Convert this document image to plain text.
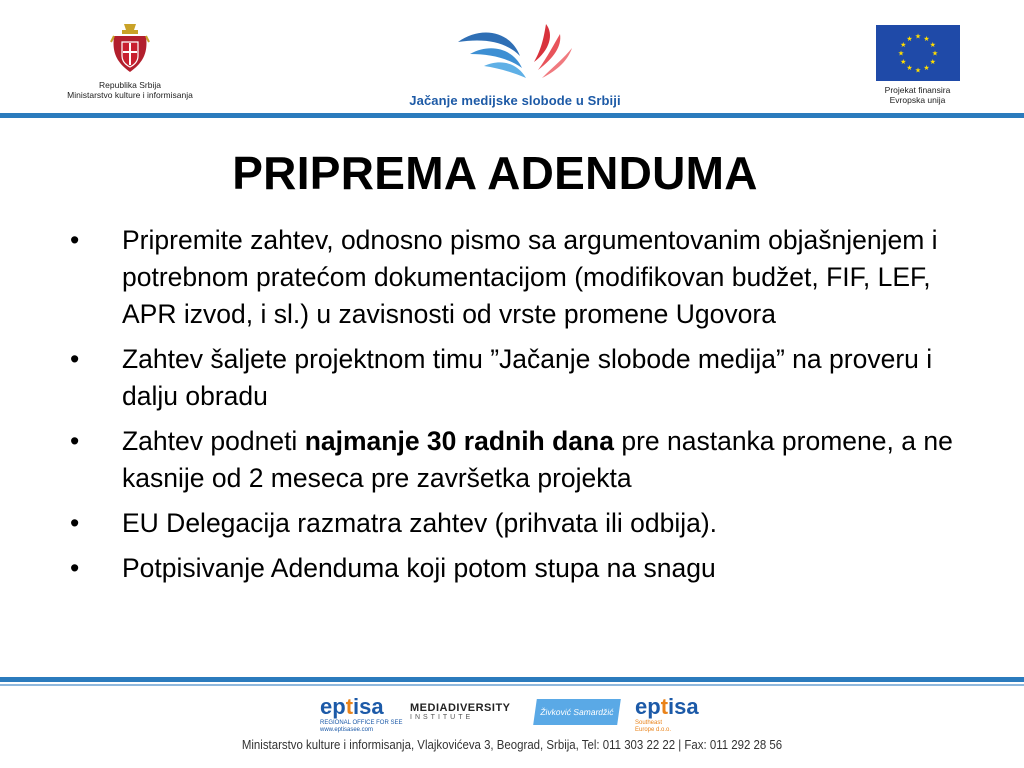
Republika Srbija
Ministarstvo kulture i informisanja	Jačanje medijske slobode u Srbiji
★ ★
★
★
★
★
★
★
★
★
★
★
Projekat finansira
Evropska unija
PRIPREMA ADENDUMA
•	Pripremite zahtev, odnosno pismo sa argumentovanim objašnjenjem i potrebnom pratećom dokumentacijom (modifikovan budžet, FIF, LEF, APR izvod, i sl.) u zavisnosti od vrste promene Ugovora
•	Zahtev šaljete projektnom timu ”Jačanje slobode medija” na proveru i dalju obradu
•	Zahtev podneti najmanje 30 radnih dana pre nastanka promene, a ne kasnije od 2 meseca pre završetka projekta
•	EU Delegacija razmatra zahtev (prihvata ili odbija).
•	Potpisivanje Adenduma koji potom stupa na snagu
eptisa
REGIONAL OFFICE FOR SEE
www.eptisasee.com
MEDIADIVERSITY
INSTITUTE
Živković Samardžić eptisa
Southeast
Europe d.o.o.
Ministarstvo kulture i informisanja, Vlajkovićeva 3, Beograd, Srbija, Tel: 011 303 22 22 | Fax: 011 292 28 56
